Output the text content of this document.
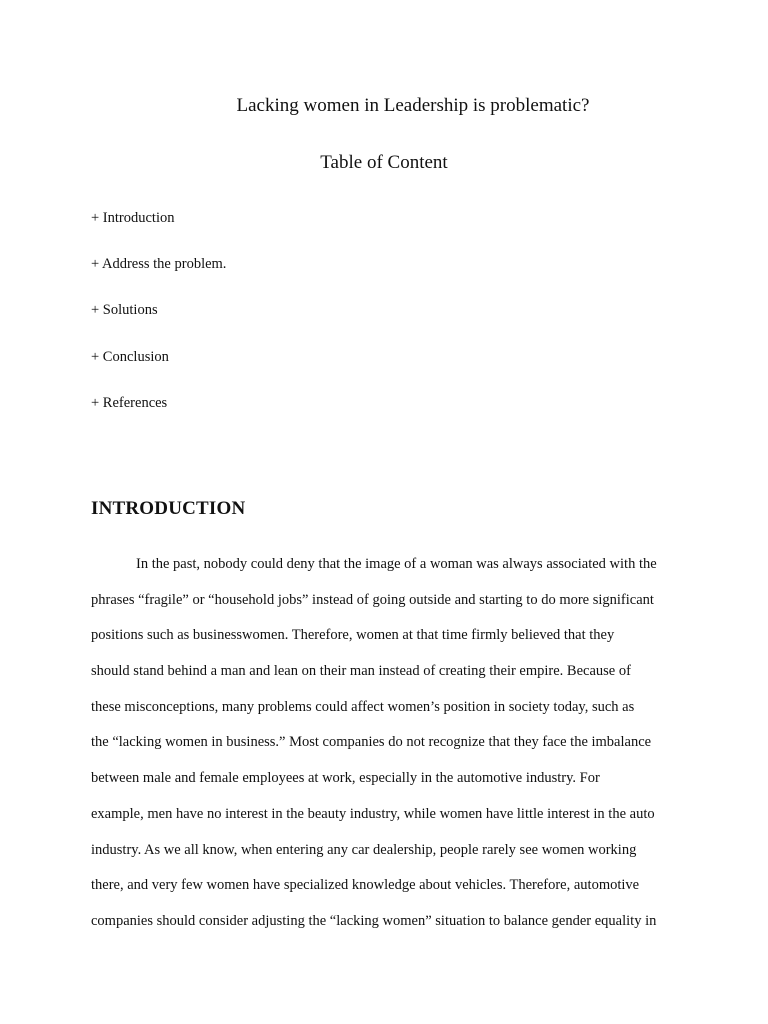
Lacking women in Leadership is problematic?
Table of Content
+ Introduction
+ Address the problem.
+ Solutions
+ Conclusion
+ References
INTRODUCTION
In the past, nobody could deny that the image of a woman was always associated with the
phrases “fragile” or “household jobs” instead of going outside and starting to do more significant
positions such as businesswomen. Therefore, women at that time firmly believed that they
should stand behind a man and lean on their man instead of creating their empire. Because of
these misconceptions, many problems could affect women’s position in society today, such as
the “lacking women in business.” Most companies do not recognize that they face the imbalance
between male and female employees at work, especially in the automotive industry. For
example, men have no interest in the beauty industry, while women have little interest in the auto
industry. As we all know, when entering any car dealership, people rarely see women working
there, and very few women have specialized knowledge about vehicles. Therefore, automotive
companies should consider adjusting the “lacking women” situation to balance gender equality in
